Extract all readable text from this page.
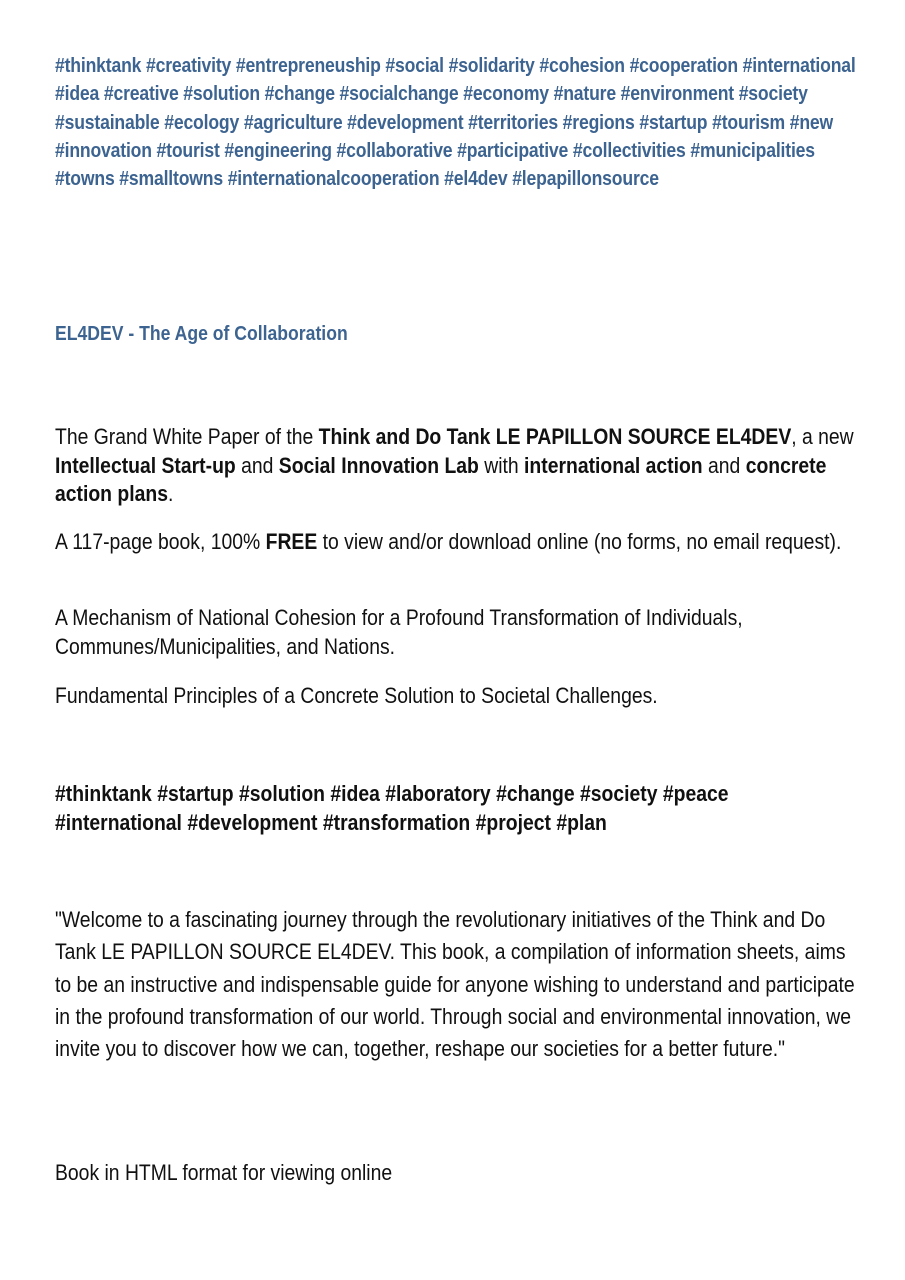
#thinktank #creativity #entrepreneuship #social #solidarity #cohesion #cooperation #international #idea #creative #solution #change #socialchange #economy #nature #environment #society #sustainable #ecology #agriculture #development #territories #regions #startup #tourism #new #innovation #tourist #engineering #collaborative #participative #collectivities #municipalities #towns #smalltowns #internationalcooperation #el4dev #lepapillonsource
EL4DEV - The Age of Collaboration
The Grand White Paper of the Think and Do Tank LE PAPILLON SOURCE EL4DEV, a new Intellectual Start-up and Social Innovation Lab with international action and concrete action plans.
A 117-page book, 100% FREE to view and/or download online (no forms, no email request).
A Mechanism of National Cohesion for a Profound Transformation of Individuals, Communes/Municipalities, and Nations.
Fundamental Principles of a Concrete Solution to Societal Challenges.
#thinktank #startup #solution #idea #laboratory #change #society #peace #international #development #transformation #project #plan
"Welcome to a fascinating journey through the revolutionary initiatives of the Think and Do Tank LE PAPILLON SOURCE EL4DEV. This book, a compilation of information sheets, aims to be an instructive and indispensable guide for anyone wishing to understand and participate in the profound transformation of our world. Through social and environmental innovation, we invite you to discover how we can, together, reshape our societies for a better future."
Book in HTML format for viewing online
